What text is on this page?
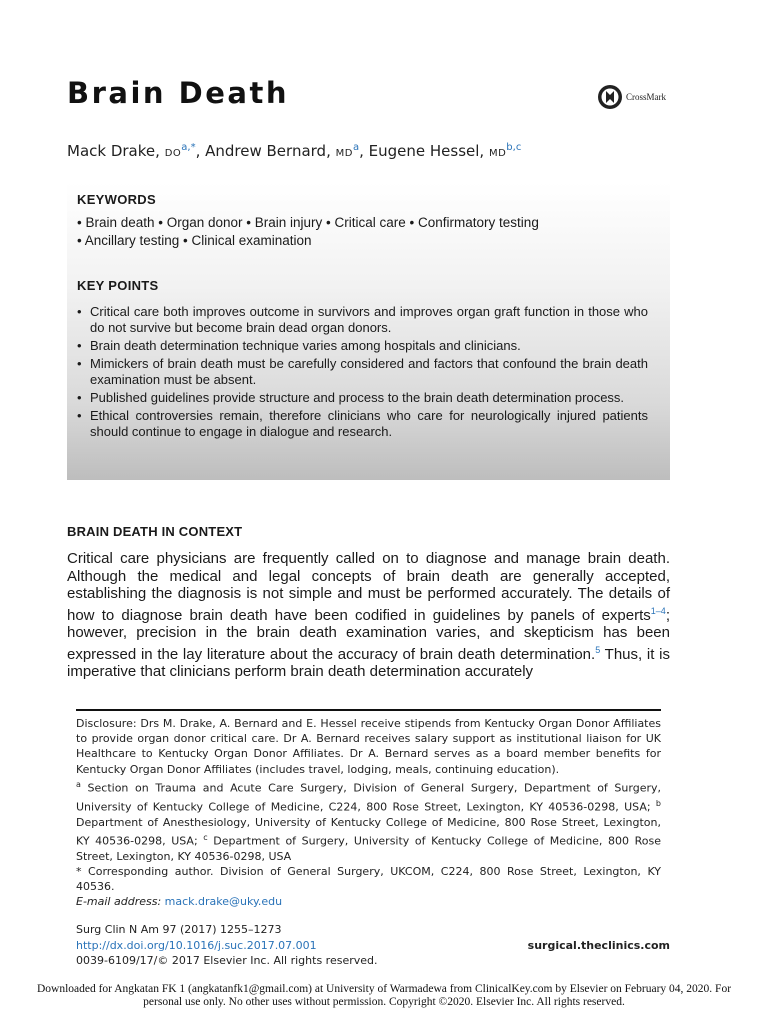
Brain Death	CrossMark
Mack Drake, $DO^{a,*}$, Andrew Bernard, $MD^a$, Eugene Hessel, MD$^{b,c}$
KEYWORDS
• Brain death • Organ donor • Brain injury • Critical care • Confirmatory testing
• Ancillary testing • Clinical examination
KEY POINTS
• Critical care both improves outcome in survivors and improves organ graft function in those who do not survive but become brain dead organ donors.
• Brain death determination technique varies among hospitals and clinicians.
• Mimickers of brain death must be carefully considered and factors that confound the brain death examination must be absent.
• Published guidelines provide structure and process to the brain death determination process.
• Ethical controversies remain, therefore clinicians who care for neurologically injured patients should continue to engage in dialogue and research.
BRAIN DEATH IN CONTEXT

Critical care physicians are frequently called on to diagnose and manage brain death. Although the medical and legal concepts of brain death are generally accepted, establishing the diagnosis is not simple and must be performed accurately. The details of how to diagnose brain death have been codified in guidelines by panels of experts$^{1-4}$; however, precision in the brain death examination varies, and skepticism has been expressed in the lay literature about the accuracy of brain death determination.$^5$ Thus, it is imperative that clinicians perform brain death determination accurately

Disclosure: Drs M. Drake, A. Bernard and E. Hessel receive stipends from Kentucky Organ Donor Affiliates to provide organ donor critical care. Dr A. Bernard receives salary support as institutional liaison for UK Healthcare to Kentucky Organ Donor Affiliates. Dr A. Bernard serves as a board member benefits for Kentucky Organ Donor Affiliates (includes travel, lodging, meals, continuing education).

$^a$ Section on Trauma and Acute Care Surgery, Division of General Surgery, Department of Surgery, University of Kentucky College of Medicine, C224, 800 Rose Street, Lexington, KY 40536-0298, USA; $^b$ Department of Anesthesiology, University of Kentucky College of Medicine, 800 Rose Street, Lexington, KY 40536-0298, USA; $^c$ Department of Surgery, University of Kentucky College of Medicine, 800 Rose Street, Lexington, KY 40536-0298, USA

* Corresponding author. Division of General Surgery, UKCOM, C224, 800 Rose Street, Lexington, KY 40536.

E-mail address: mack.drake@uky.edu

Surg Clin N Am 97 (2017) 1255–1273
http://dx.doi.org/10.1016/j.suc.2017.07.001	surgical.theclinics.com
0039-6109/17/© 2017 Elsevier Inc. All rights reserved.
Downloaded for Angkatan FK 1 (angkatanfk1@gmail.com) at University of Warmadewa from ClinicalKey.com by Elsevier on February 04, 2020. For personal use only. No other uses without permission. Copyright ©2020. Elsevier Inc. All rights reserved.
